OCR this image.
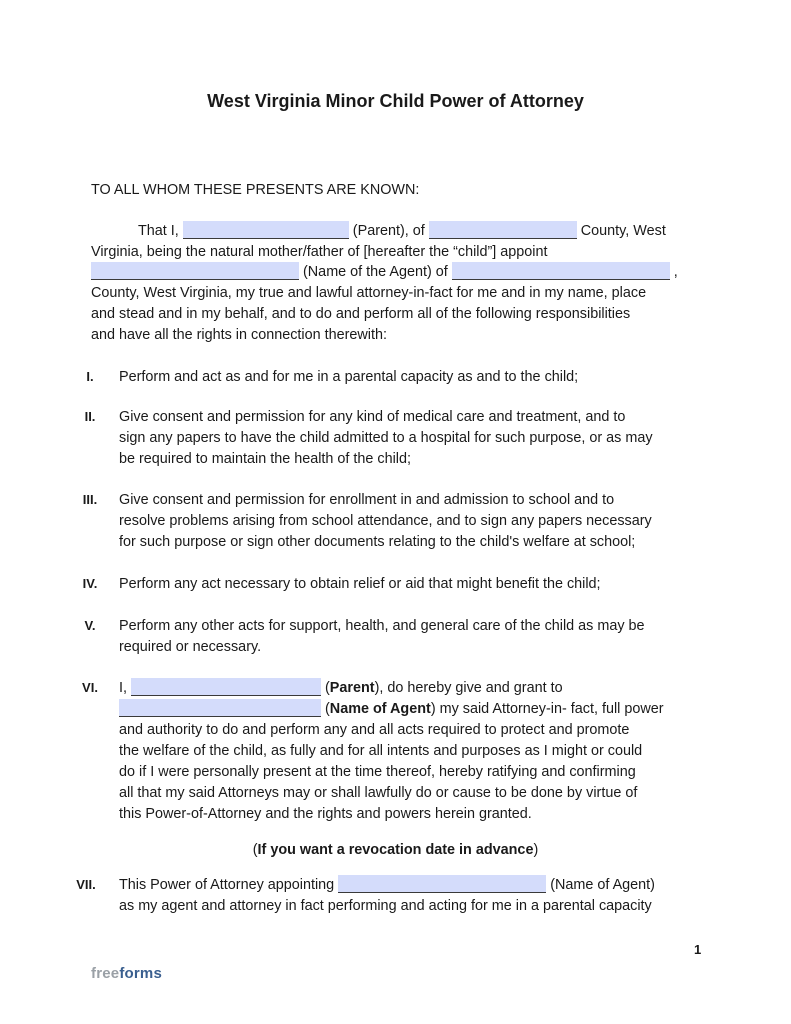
West Virginia Minor Child Power of Attorney
TO ALL WHOM THESE PRESENTS ARE KNOWN:
That I,	(Parent), of	County, West
Virginia, being the natural mother/father of [hereafter the “child”] appoint
(Name of the Agent) of	,
County, West Virginia, my true and lawful attorney-in-fact for me and in my name, place
and stead and in my behalf, and to do and perform all of the following responsibilities
and have all the rights in connection therewith:
I.	Perform and act as and for me in a parental capacity as and to the child;
II.	Give consent and permission for any kind of medical care and treatment, and to
sign any papers to have the child admitted to a hospital for such purpose, or as may
be required to maintain the health of the child;
III.	Give consent and permission for enrollment in and admission to school and to
resolve problems arising from school attendance, and to sign any papers necessary
for such purpose or sign other documents relating to the child's welfare at school;
IV.	Perform any act necessary to obtain relief or aid that might benefit the child;
V.	Perform any other acts for support, health, and general care of the child as may be
required or necessary.
VI.	I,	(Parent), do hereby give and grant to
(Name of Agent) my said Attorney-in- fact, full power
and authority to do and perform any and all acts required to protect and promote
the welfare of the child, as fully and for all intents and purposes as I might or could
do if I were personally present at the time thereof, hereby ratifying and confirming
all that my said Attorneys may or shall lawfully do or cause to be done by virtue of
this Power-of-Attorney and the rights and powers herein granted.
(If you want a revocation date in advance)
VII.	This Power of Attorney appointing	(Name of Agent)
as my agent and attorney in fact performing and acting for me in a parental capacity
1
freeforms
